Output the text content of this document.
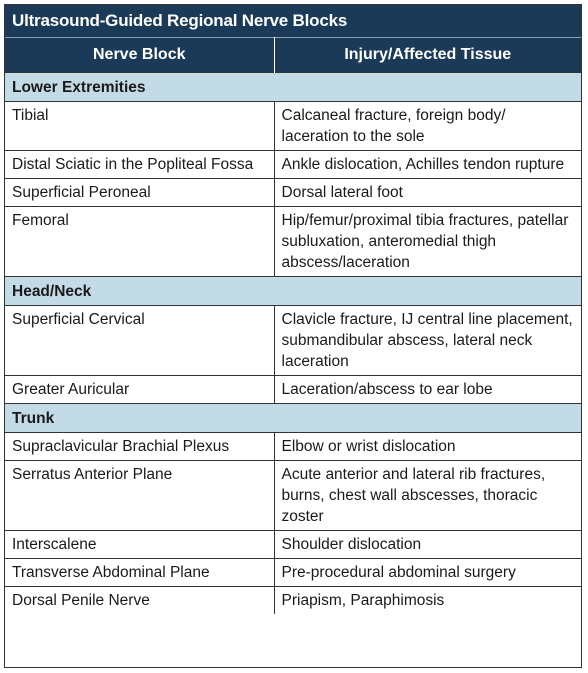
Ultrasound-Guided Regional Nerve Blocks
Nerve Block	Injury/Affected Tissue
Lower Extremities	
Tibial	Calcaneal fracture, foreign body/ laceration to the sole
Distal Sciatic in the Popliteal Fossa	Ankle dislocation, Achilles tendon rupture
Superficial Peroneal	Dorsal lateral foot
Femoral	Hip/femur/proximal tibia fractures, patellar subluxation, anteromedial thigh abscess/laceration
Head/Neck	
Superficial Cervical	Clavicle fracture, IJ central line placement, submandibular abscess, lateral neck laceration
Greater Auricular	Laceration/abscess to ear lobe
Trunk	
Supraclavicular Brachial Plexus	Elbow or wrist dislocation
Serratus Anterior Plane	Acute anterior and lateral rib fractures, burns, chest wall abscesses, thoracic zoster
Interscalene	Shoulder dislocation
Transverse Abdominal Plane	Pre-procedural abdominal surgery
Dorsal Penile Nerve	Priapism, Paraphimosis
